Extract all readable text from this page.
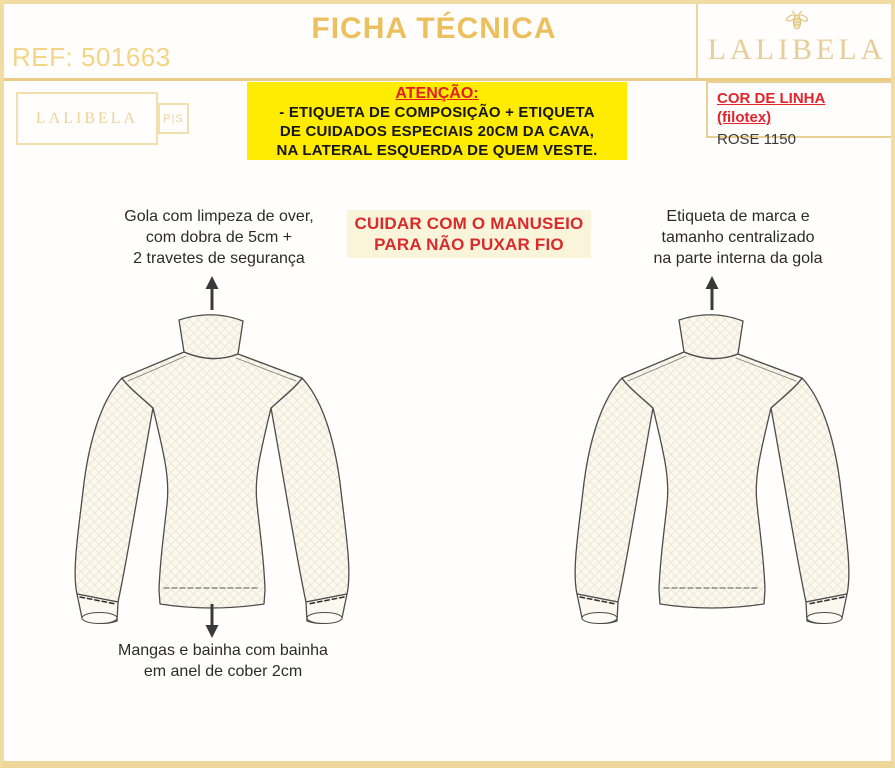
FICHA TÉCNICA
REF: 501663	LALIBELA
LALIBELA P|S
ATENÇÃO:
- ETIQUETA DE COMPOSIÇÃO + ETIQUETA
DE CUIDADOS ESPECIAIS 20CM DA CAVA,
NA LATERAL ESQUERDA DE QUEM VESTE.
COR DE LINHA (filotex)
ROSE 1150
Gola com limpeza de over,
com dobra de 5cm +
2 travetes de segurança
CUIDAR COM O MANUSEIO
PARA NÃO PUXAR FIO
Etiqueta de marca e
tamanho centralizado
na parte interna da gola
Mangas e bainha com bainha
em anel de cober 2cm
